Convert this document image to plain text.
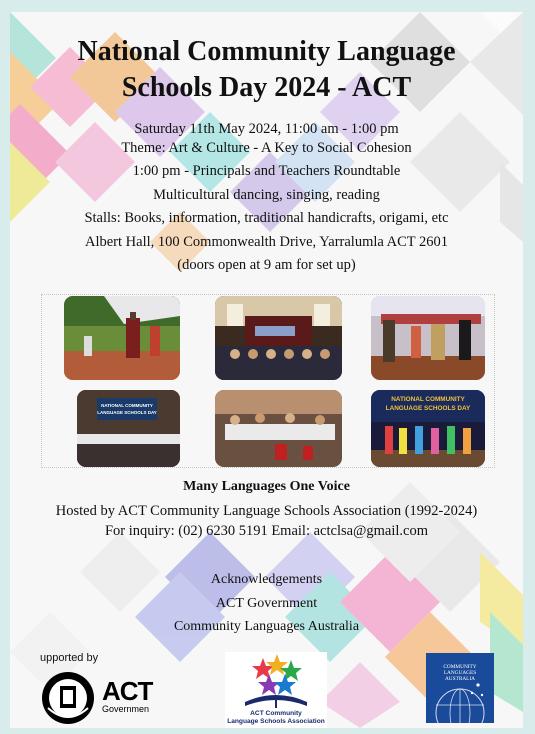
National Community Language
Schools Day 2024 - ACT
Saturday 11th May 2024, 11:00 am - 1:00 pm
Theme: Art & Culture - A Key to Social Cohesion
1:00 pm - Principals and Teachers Roundtable
Multicultural dancing, singing, reading
Stalls: Books, information, traditional handicrafts, origami, etc
Albert Hall, 100 Commonwealth Drive, Yarralumla ACT 2601
(doors open at 9 am for set up)
NATIONAL COMMUNITY
LANGUAGE SCHOOLS DAY
NATIONAL COMMUNITY
LANGUAGE SCHOOLS DAY
Many Languages One Voice
Hosted by ACT Community Language Schools Association (1992-2024)
For inquiry: (02) 6230 5191 Email: actclsa@gmail.com
Acknowledgements
ACT Government
Community Languages Australia
upported by
ACT
Governmen	ACT Community
Language Schools Association
COMMUNITY
LANGUAGES
AUSTRALIA
